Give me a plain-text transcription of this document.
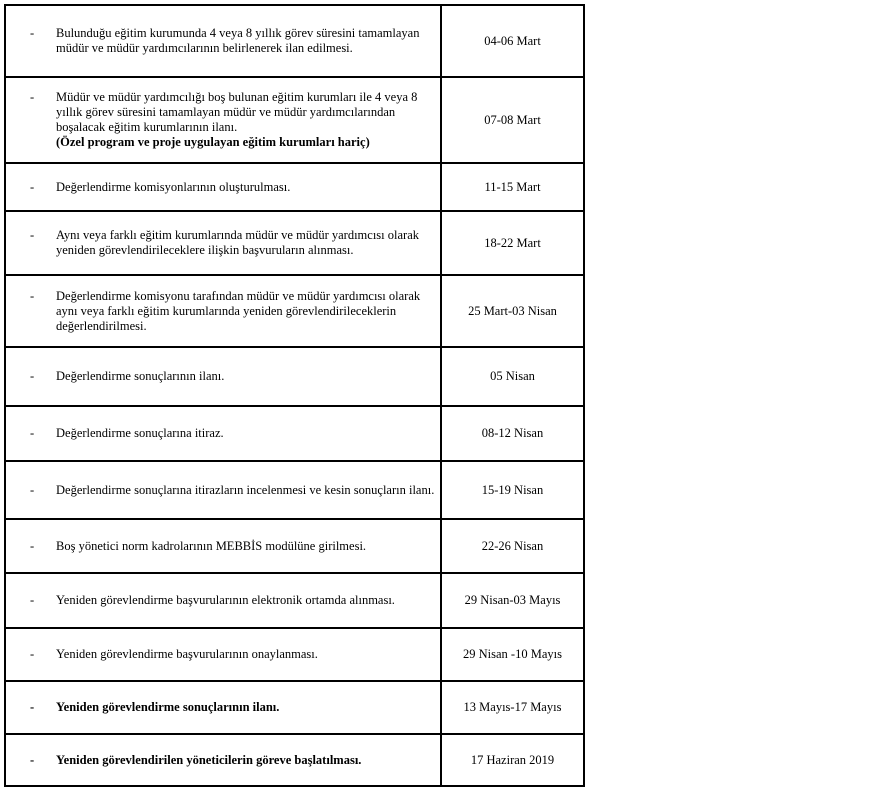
- Bulunduğu eğitim kurumunda 4 veya 8 yıllık görev süresini tamamlayan müdür ve müdür yardımcılarının belirlenerek ilan edilmesi.	04-06 Mart

- Müdür ve müdür yardımcılığı boş bulunan eğitim kurumları ile 4 veya 8 yıllık görev süresini tamamlayan müdür ve müdür yardımcılarından boşalacak eğitim kurumlarının ilanı.
(Özel program ve proje uygulayan eğitim kurumları hariç)	07-08 Mart

- Değerlendirme komisyonlarının oluşturulması.	11-15 Mart

- Aynı veya farklı eğitim kurumlarında müdür ve müdür yardımcısı olarak yeniden görevlendirileceklere ilişkin başvuruların alınması.	18-22 Mart

- Değerlendirme komisyonu tarafından müdür ve müdür yardımcısı olarak aynı veya farklı eğitim kurumlarında yeniden görevlendirileceklerin değerlendirilmesi.	25 Mart-03 Nisan

- Değerlendirme sonuçlarının ilanı.	05 Nisan

- Değerlendirme sonuçlarına itiraz.	08-12 Nisan

- Değerlendirme sonuçlarına itirazların incelenmesi ve kesin sonuçların ilanı.	15-19 Nisan

- Boş yönetici norm kadrolarının MEBBİS modülüne girilmesi.	22-26 Nisan

- Yeniden görevlendirme başvurularının elektronik ortamda alınması.	29 Nisan-03 Mayıs

- Yeniden görevlendirme başvurularının onaylanması.	29 Nisan -10 Mayıs

- Yeniden görevlendirme sonuçlarının ilanı.	13 Mayıs-17 Mayıs

- Yeniden görevlendirilen yöneticilerin göreve başlatılması.	17 Haziran 2019
